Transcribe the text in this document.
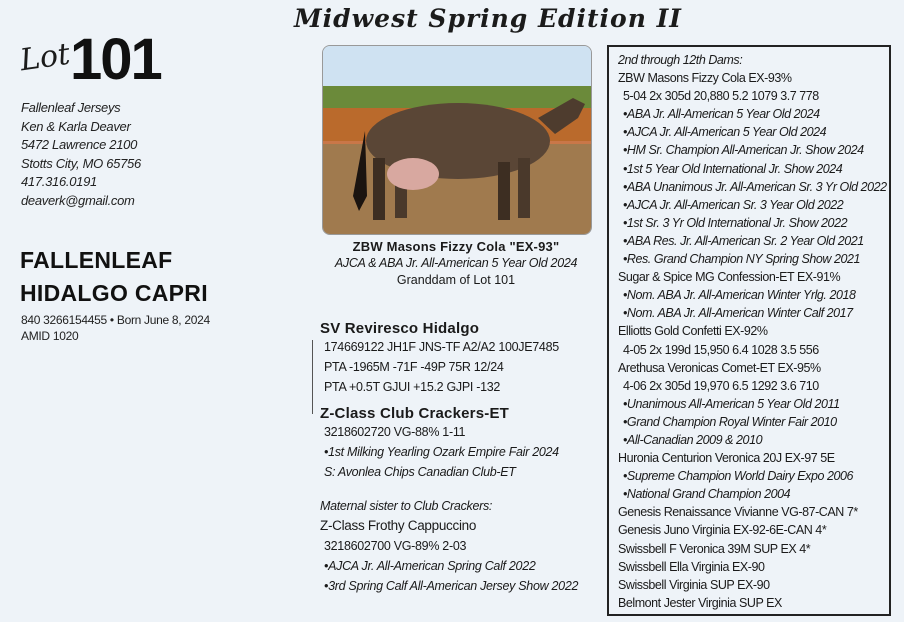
Midwest Spring Edition II
Lot
101
Fallenleaf Jerseys
Ken & Karla Deaver
5472 Lawrence 2100
Stotts City, MO 65756
417.316.0191
deaverk@gmail.com
FALLENLEAF
HIDALGO CAPRI
840 3266154455 • Born June 8, 2024
AMID 1020
ZBW Masons Fizzy Cola "EX-93"
AJCA & ABA Jr. All-American 5 Year Old 2024
Granddam of Lot 101
SV Reviresco Hidalgo
174669122 JH1F JNS-TF A2/A2 100JE7485
PTA -1965M -71F -49P 75R 12/24
PTA +0.5T GJUI +15.2 GJPI -132
Z-Class Club Crackers-ET
3218602720 VG-88% 1-11
•1st Milking Yearling Ozark Empire Fair 2024
S: Avonlea Chips Canadian Club-ET
Maternal sister to Club Crackers:
Z-Class Frothy Cappuccino
3218602700 VG-89% 2-03
•AJCA Jr. All-American Spring Calf 2022
•3rd Spring Calf All-American Jersey Show 2022
2nd through 12th Dams:
ZBW Masons Fizzy Cola EX-93%
5-04 2x 305d 20,880 5.2 1079 3.7 778
•ABA Jr. All-American 5 Year Old 2024
•AJCA Jr. All-American 5 Year Old 2024
•HM Sr. Champion All-American Jr. Show 2024
•1st 5 Year Old International Jr. Show 2024
•ABA Unanimous Jr. All-American Sr. 3 Yr Old 2022
•AJCA Jr. All-American Sr. 3 Year Old 2022
•1st Sr. 3 Yr Old International Jr. Show 2022
•ABA Res. Jr. All-American Sr. 2 Year Old 2021
•Res. Grand Champion NY Spring Show 2021
Sugar & Spice MG Confession-ET EX-91%
•Nom. ABA Jr. All-American Winter Yrlg. 2018
•Nom. ABA Jr. All-American Winter Calf 2017
Elliotts Gold Confetti EX-92%
4-05 2x 199d 15,950 6.4 1028 3.5 556
Arethusa Veronicas Comet-ET EX-95%
4-06 2x 305d 19,970 6.5 1292 3.6 710
•Unanimous All-American 5 Year Old 2011
•Grand Champion Royal Winter Fair 2010
•All-Canadian 2009 & 2010
Huronia Centurion Veronica 20J EX-97 5E
•Supreme Champion World Dairy Expo 2006
•National Grand Champion 2004
Genesis Renaissance Vivianne VG-87-CAN 7*
Genesis Juno Virginia EX-92-6E-CAN 4*
Swissbell F Veronica 39M SUP EX 4*
Swissbell Ella Virginia EX-90
Swissbell Virginia SUP EX-90
Belmont Jester Virginia SUP EX
